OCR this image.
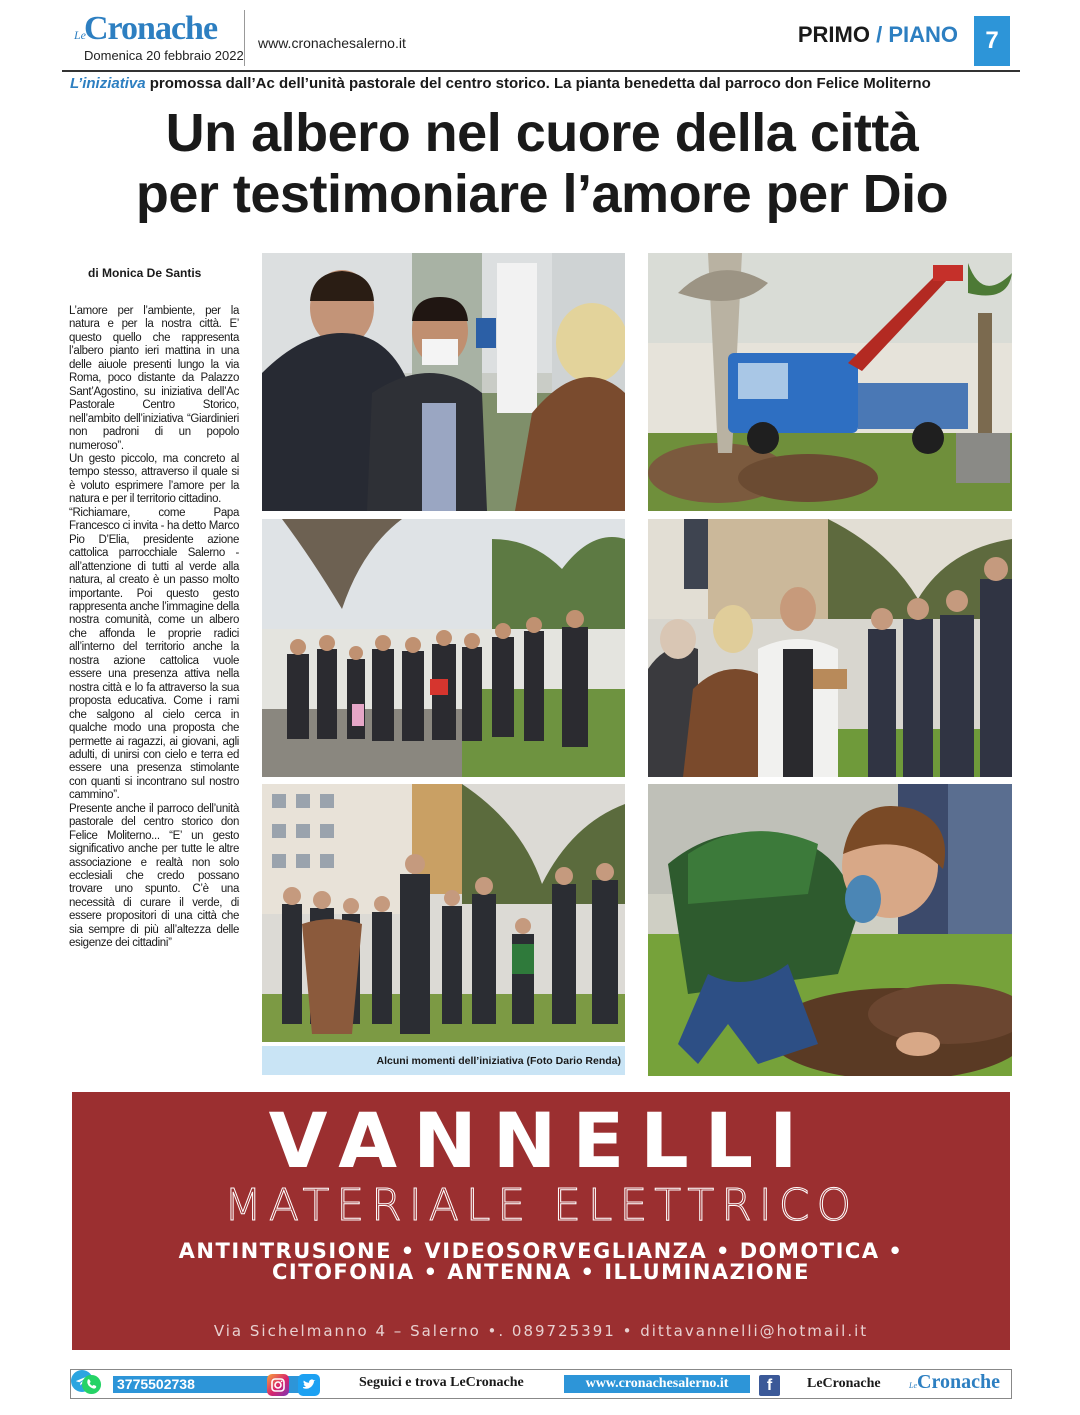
Le
Cronache
Domenica 20 febbraio 2022
www.cronachesalerno.it	PRIMO / PIANO	7
L’iniziativa promossa dall’Ac dell’unità pastorale del centro storico. La pianta benedetta dal parroco don Felice Moliterno
Un albero nel cuore della città
per testimoniare l’amore per Dio
di Monica De Santis

L’amore per l’ambiente, per la natura e per la nostra città. E’ questo quello che rappresenta l’albero pianto ieri mattina in una delle aiuole presenti lungo la via Roma, poco distante da Palazzo Sant’Agostino, su iniziativa dell’Ac Pastorale Centro Storico, nell’ambito dell’iniziativa “Giardinieri non padroni di un popolo numeroso”.

Un gesto piccolo, ma concreto al tempo stesso, attraverso il quale si è voluto esprimere l’amore per la natura e per il territorio cittadino.

“Richiamare, come Papa Francesco ci invita - ha detto Marco Pio D’Elia, presidente azione cattolica parrocchiale Salerno - all’attenzione di tutti al verde alla natura, al creato è un passo molto importante. Poi questo gesto rappresenta anche l’immagine della nostra comunità, come un albero che affonda le proprie radici all’interno del territorio anche la nostra azione cattolica vuole essere una presenza attiva nella nostra città e lo fa attraverso la sua proposta educativa. Come i rami che salgono al cielo cerca in qualche modo una proposta che permette ai ragazzi, ai giovani, agli adulti, di unirsi con cielo e terra ed essere una presenza stimolante con quanti si incontrano sul nostro cammino”.

Presente anche il parroco dell’unità pastorale del centro storico don Felice Moliterno... “E’ un gesto significativo anche per tutte le altre associazione e realtà non solo ecclesiali che credo possano trovare uno spunto. C’è una necessità di curare il verde, di essere propositori di una città che sia sempre di più all’altezza delle esigenze dei cittadini”

Alcuni momenti dell’iniziativa (Foto Dario Renda)
VANNELLI
MATERIALE ELETTRICO
ANTINTRUSIONE • VIDEOSORVEGLIANZA • DOMOTICA •
CITOFONIA • ANTENNA • ILLUMINAZIONE
Via Sichelmanno 4 – Salerno •. 089725391 • dittavannelli@hotmail.it
3775502738	Seguici e trova LeCronache	www.cronachesalerno.it	f	LeCronache	LeCronache
